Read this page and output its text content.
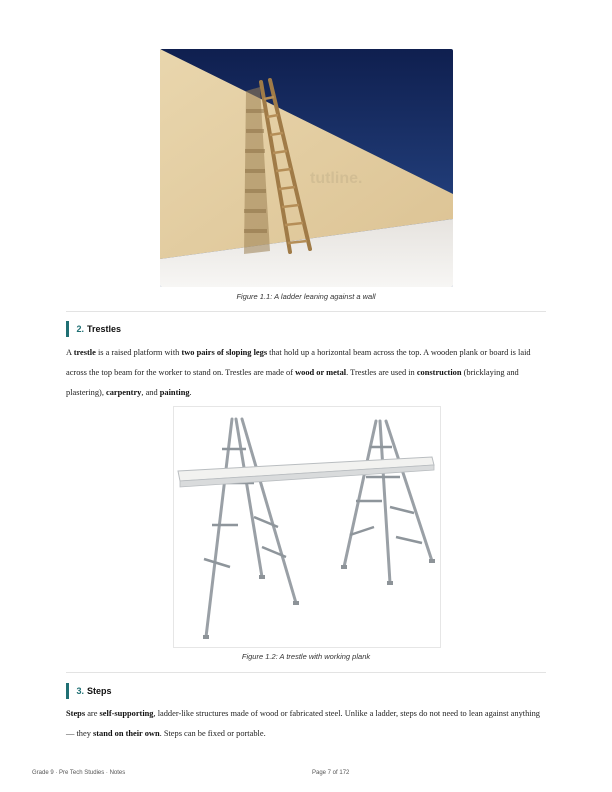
tutline.
Figure 1.1: A ladder leaning against a wall
2. Trestles
A trestle is a raised platform with two pairs of sloping legs that hold up a horizontal beam across the top. A wooden plank or board is laid across the top beam for the worker to stand on. Trestles are made of wood or metal. Trestles are used in construction (bricklaying and plastering), carpentry, and painting.
Figure 1.2: A trestle with working plank
3. Steps
Steps are self-supporting, ladder-like structures made of wood or fabricated steel. Unlike a ladder, steps do not need to lean against anything — they stand on their own. Steps can be fixed or portable.
Grade 9 · Pre Tech Studies · Notes	Page 7 of 172
